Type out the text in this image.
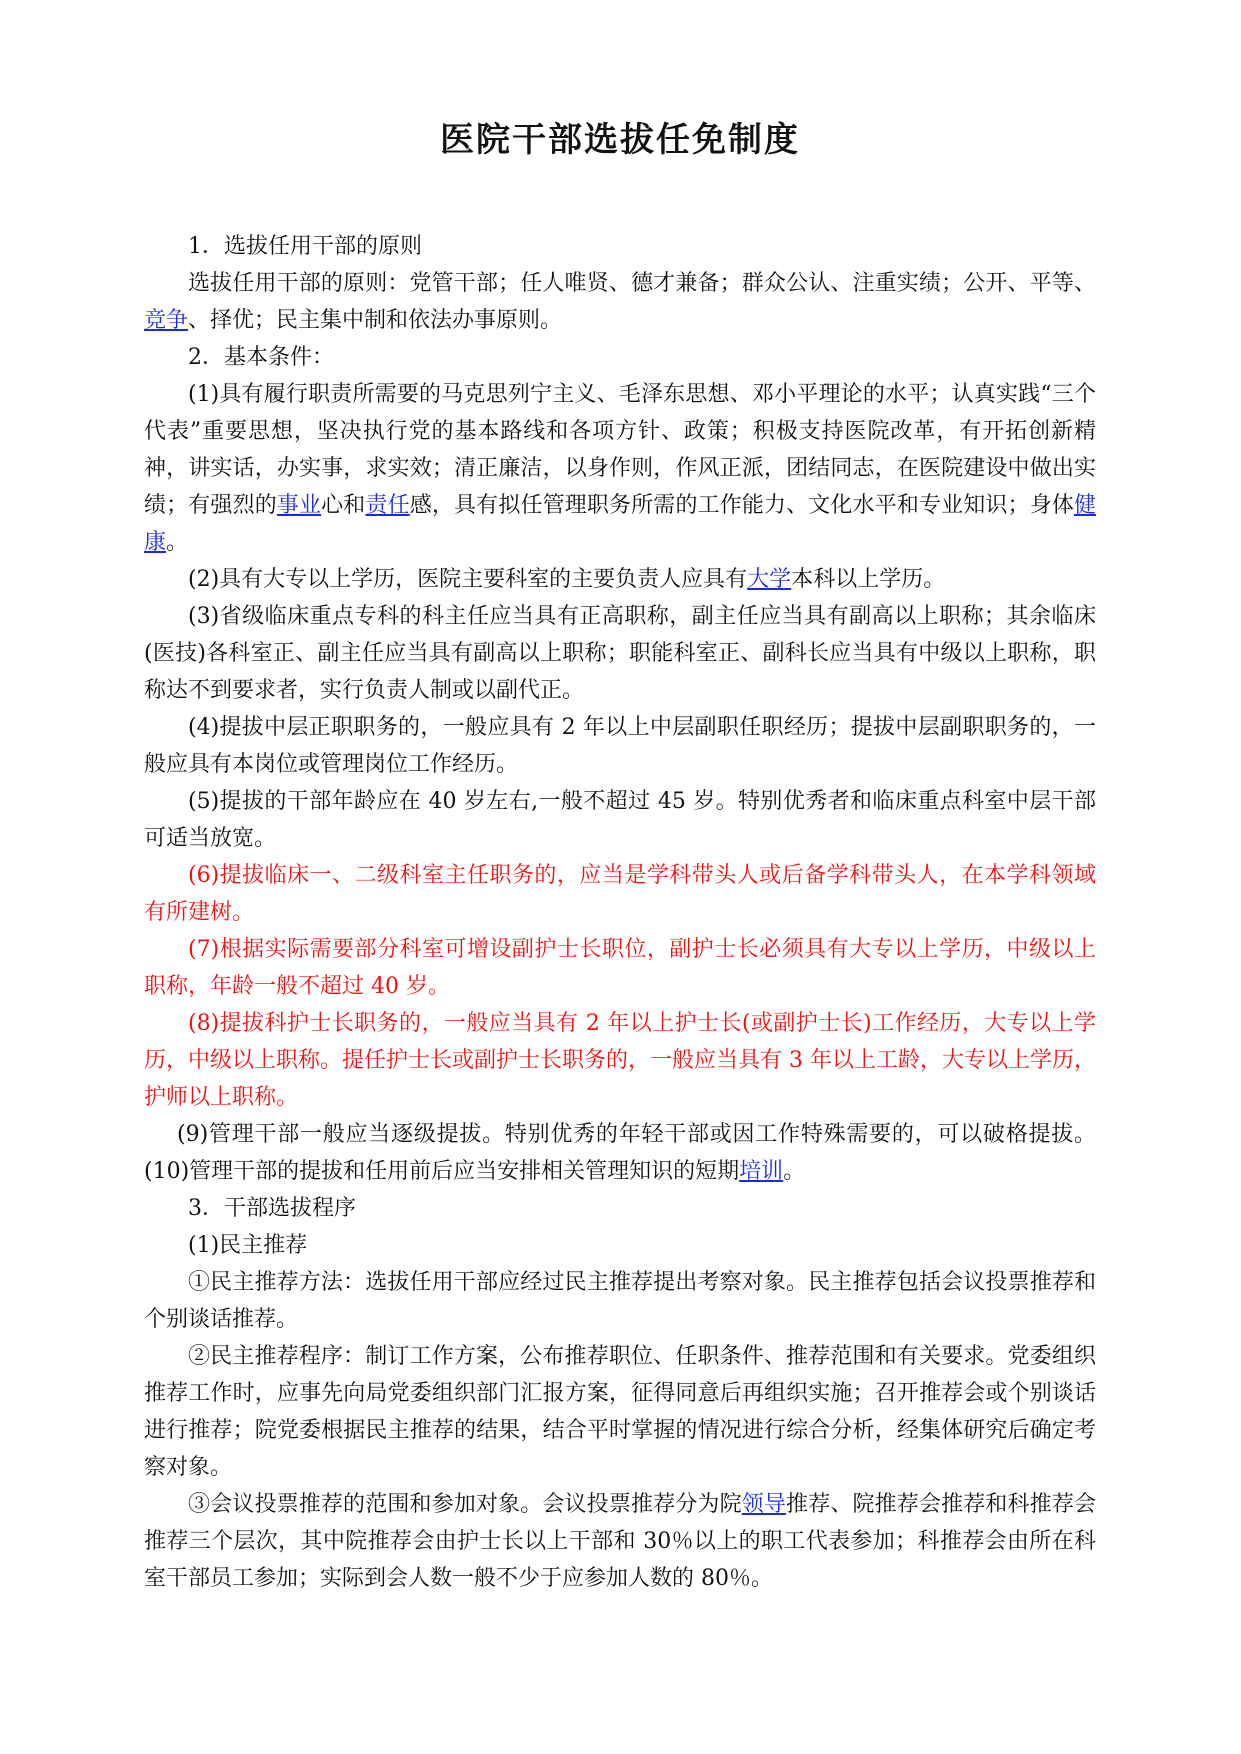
医院干部选拔任免制度

1．选拔任用干部的原则

选拔任用干部的原则：党管干部；任人唯贤、德才兼备；群众公认、注重实绩；公开、平等、竞争、择优；民主集中制和依法办事原则。

2．基本条件：

(1)具有履行职责所需要的马克思列宁主义、毛泽东思想、邓小平理论的水平；认真实践“三个代表”重要思想，坚决执行党的基本路线和各项方针、政策；积极支持医院改革，有开拓创新精神，讲实话，办实事，求实效；清正廉洁，以身作则，作风正派，团结同志，在医院建设中做出实绩；有强烈的事业心和责任感，具有拟任管理职务所需的工作能力、文化水平和专业知识；身体健康。

(2)具有大专以上学历，医院主要科室的主要负责人应具有大学本科以上学历。

(3)省级临床重点专科的科主任应当具有正高职称，副主任应当具有副高以上职称；其余临床(医技)各科室正、副主任应当具有副高以上职称；职能科室正、副科长应当具有中级以上职称，职称达不到要求者，实行负责人制或以副代正。

(4)提拔中层正职职务的，一般应具有 2 年以上中层副职任职经历；提拔中层副职职务的，一般应具有本岗位或管理岗位工作经历。

(5)提拔的干部年龄应在 40 岁左右,一般不超过 45 岁。特别优秀者和临床重点科室中层干部可适当放宽。

(6)提拔临床一、二级科室主任职务的，应当是学科带头人或后备学科带头人，在本学科领域有所建树。

(7)根据实际需要部分科室可增设副护士长职位，副护士长必须具有大专以上学历，中级以上职称，年龄一般不超过 40 岁。

(8)提拔科护士长职务的，一般应当具有 2 年以上护士长(或副护士长)工作经历，大专以上学历，中级以上职称。提任护士长或副护士长职务的，一般应当具有 3 年以上工龄，大专以上学历，护师以上职称。

(9)管理干部一般应当逐级提拔。特别优秀的年轻干部或因工作特殊需要的，可以破格提拔。(10)管理干部的提拔和任用前后应当安排相关管理知识的短期培训。

3．干部选拔程序

(1)民主推荐

①民主推荐方法：选拔任用干部应经过民主推荐提出考察对象。民主推荐包括会议投票推荐和个别谈话推荐。

②民主推荐程序：制订工作方案，公布推荐职位、任职条件、推荐范围和有关要求。党委组织推荐工作时，应事先向局党委组织部门汇报方案，征得同意后再组织实施；召开推荐会或个别谈话进行推荐；院党委根据民主推荐的结果，结合平时掌握的情况进行综合分析，经集体研究后确定考察对象。

③会议投票推荐的范围和参加对象。会议投票推荐分为院领导推荐、院推荐会推荐和科推荐会推荐三个层次，其中院推荐会由护士长以上干部和 30％以上的职工代表参加；科推荐会由所在科室干部员工参加；实际到会人数一般不少于应参加人数的 80％。
